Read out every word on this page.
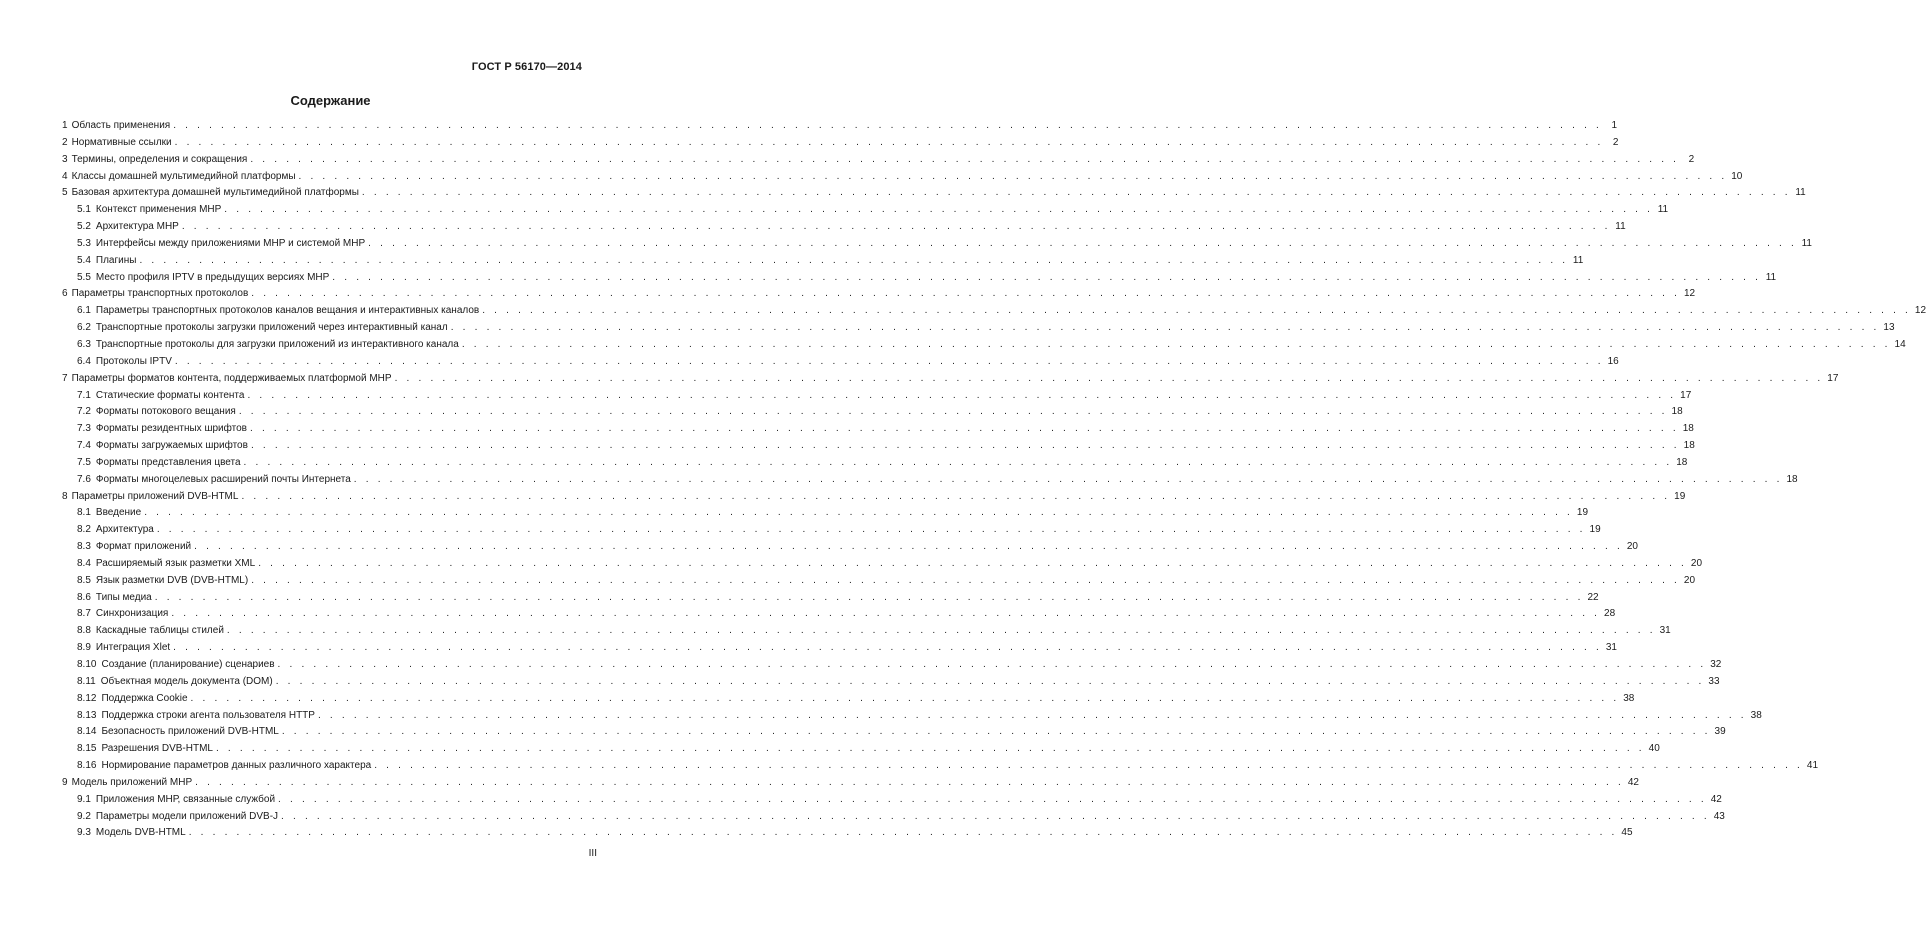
ГОСТ Р 56170—2014
Содержание
1 Область применения . . . . . . . . . . . . . . . . . . . . . . . . . . . . . . . . . . . . . . . . . . . . . . . . . . . . . . . . . . . . . . . . . . . . . . . . . . . . . . . . . . . . . . . . . . . . . . . . . . . . . . . . . . . . . . . . . . . . . . . . 1
2 Нормативные ссылки . . . . . . . . . . . . . . . . . . . . . . . . . . . . . . . . . . . . . . . . . . . . . . . . . . . . . . . . . . . . . . . . . . . . . . . . . . . . . . . . . . . . . . . . . . . . . . . . . . . . . . . . . . . . . . . . . . . . . . . . 2
3 Термины, определения и сокращения . . . . . . . . . . . . . . . . . . . . . . . . . . . . . . . . . . . . . . . . . . . . . . . . . . . . . . . . . . . . . . . . . . . . . . . . . . . . . . . . . . . . . . . . . . . . . . . . . . . . . . . . . . . . . . . . . . . . . . . . 2
4 Классы домашней мультимедийной платформы . . . . . . . . . . . . . . . . . . . . . . . . . . . . . . . . . . . . . . . . . . . . . . . . . . . . . . . . . . . . . . . . . . . . . . . . . . . . . . . . . . . . . . . . . . . . . . . . . . . . . . . . . . . . . . . . . . . . . . . . 10
5 Базовая архитектура домашней мультимедийной платформы . . . . . . . . . . . . . . . . . . . . . . . . . . . . . . . . . . . . . . . . . . . . . . . . . . . . . . . . . . . . . . . . . . . . . . . . . . . . . . . . . . . . . . . . . . . . . . . . . . . . . . . . . . . . . . . . . . . . . . . . 11
5.1 Контекст применения МНР . . . . . . . . . . . . . . . . . . . . . . . . . . . . . . . . . . . . . . . . . . . . . . . . . . . . . . . . . . . . . . . . . . . . . . . . . . . . . . . . . . . . . . . . . . . . . . . . . . . . . . . . . . . . . . . . . . . . . . . . 11
5.2 Архитектура МНР . . . . . . . . . . . . . . . . . . . . . . . . . . . . . . . . . . . . . . . . . . . . . . . . . . . . . . . . . . . . . . . . . . . . . . . . . . . . . . . . . . . . . . . . . . . . . . . . . . . . . . . . . . . . . . . . . . . . . . . . 11
5.3 Интерфейсы между приложениями МНР и системой МНР . . . . . . . . . . . . . . . . . . . . . . . . . . . . . . . . . . . . . . . . . . . . . . . . . . . . . . . . . . . . . . . . . . . . . . . . . . . . . . . . . . . . . . . . . . . . . . . . . . . . . . . . . . . . . . . . . . . . . . . . 11
5.4 Плагины . . . . . . . . . . . . . . . . . . . . . . . . . . . . . . . . . . . . . . . . . . . . . . . . . . . . . . . . . . . . . . . . . . . . . . . . . . . . . . . . . . . . . . . . . . . . . . . . . . . . . . . . . . . . . . . . . . . . . . . . 11
5.5 Место профиля IPTV в предыдущих версиях МНР . . . . . . . . . . . . . . . . . . . . . . . . . . . . . . . . . . . . . . . . . . . . . . . . . . . . . . . . . . . . . . . . . . . . . . . . . . . . . . . . . . . . . . . . . . . . . . . . . . . . . . . . . . . . . . . . . . . . . . . . 11
6 Параметры транспортных протоколов . . . . . . . . . . . . . . . . . . . . . . . . . . . . . . . . . . . . . . . . . . . . . . . . . . . . . . . . . . . . . . . . . . . . . . . . . . . . . . . . . . . . . . . . . . . . . . . . . . . . . . . . . . . . . . . . . . . . . . . . 12
6.1 Параметры транспортных протоколов каналов вещания и интерактивных каналов . . . . . . . . . . . . . . . . . . . . . . . . . . . . . . . . . . . . . . . . . . . . . . . . . . . . . . . . . . . . . . . . . . . . . . . . . . . . . . . . . . . . . . . . . . . . . . . . . . . . . . . . . . . . . . . . . . . . . . . . 12
6.2 Транспортные протоколы загрузки приложений через интерактивный канал . . . . . . . . . . . . . . . . . . . . . . . . . . . . . . . . . . . . . . . . . . . . . . . . . . . . . . . . . . . . . . . . . . . . . . . . . . . . . . . . . . . . . . . . . . . . . . . . . . . . . . . . . . . . . . . . . . . . . . . . 13
6.3 Транспортные протоколы для загрузки приложений из интерактивного канала . . . . . . . . . . . . . . . . . . . . . . . . . . . . . . . . . . . . . . . . . . . . . . . . . . . . . . . . . . . . . . . . . . . . . . . . . . . . . . . . . . . . . . . . . . . . . . . . . . . . . . . . . . . . . . . . . . . . . . . . 14
6.4 Протоколы IPTV . . . . . . . . . . . . . . . . . . . . . . . . . . . . . . . . . . . . . . . . . . . . . . . . . . . . . . . . . . . . . . . . . . . . . . . . . . . . . . . . . . . . . . . . . . . . . . . . . . . . . . . . . . . . . . . . . . . . . . . . 16
7 Параметры форматов контента, поддерживаемых платформой МНР . . . . . . . . . . . . . . . . . . . . . . . . . . . . . . . . . . . . . . . . . . . . . . . . . . . . . . . . . . . . . . . . . . . . . . . . . . . . . . . . . . . . . . . . . . . . . . . . . . . . . . . . . . . . . . . . . . . . . . . . 17
7.1 Статические форматы контента . . . . . . . . . . . . . . . . . . . . . . . . . . . . . . . . . . . . . . . . . . . . . . . . . . . . . . . . . . . . . . . . . . . . . . . . . . . . . . . . . . . . . . . . . . . . . . . . . . . . . . . . . . . . . . . . . . . . . . . . 17
7.2 Форматы потокового вещания . . . . . . . . . . . . . . . . . . . . . . . . . . . . . . . . . . . . . . . . . . . . . . . . . . . . . . . . . . . . . . . . . . . . . . . . . . . . . . . . . . . . . . . . . . . . . . . . . . . . . . . . . . . . . . . . . . . . . . . . 18
7.3 Форматы резидентных шрифтов . . . . . . . . . . . . . . . . . . . . . . . . . . . . . . . . . . . . . . . . . . . . . . . . . . . . . . . . . . . . . . . . . . . . . . . . . . . . . . . . . . . . . . . . . . . . . . . . . . . . . . . . . . . . . . . . . . . . . . . . 18
7.4 Форматы загружаемых шрифтов . . . . . . . . . . . . . . . . . . . . . . . . . . . . . . . . . . . . . . . . . . . . . . . . . . . . . . . . . . . . . . . . . . . . . . . . . . . . . . . . . . . . . . . . . . . . . . . . . . . . . . . . . . . . . . . . . . . . . . . . 18
7.5 Форматы представления цвета . . . . . . . . . . . . . . . . . . . . . . . . . . . . . . . . . . . . . . . . . . . . . . . . . . . . . . . . . . . . . . . . . . . . . . . . . . . . . . . . . . . . . . . . . . . . . . . . . . . . . . . . . . . . . . . . . . . . . . . . 18
7.6 Форматы многоцелевых расширений почты Интернета . . . . . . . . . . . . . . . . . . . . . . . . . . . . . . . . . . . . . . . . . . . . . . . . . . . . . . . . . . . . . . . . . . . . . . . . . . . . . . . . . . . . . . . . . . . . . . . . . . . . . . . . . . . . . . . . . . . . . . . . 18
8 Параметры приложений DVB-HTML . . . . . . . . . . . . . . . . . . . . . . . . . . . . . . . . . . . . . . . . . . . . . . . . . . . . . . . . . . . . . . . . . . . . . . . . . . . . . . . . . . . . . . . . . . . . . . . . . . . . . . . . . . . . . . . . . . . . . . . . 19
8.1 Введение . . . . . . . . . . . . . . . . . . . . . . . . . . . . . . . . . . . . . . . . . . . . . . . . . . . . . . . . . . . . . . . . . . . . . . . . . . . . . . . . . . . . . . . . . . . . . . . . . . . . . . . . . . . . . . . . . . . . . . . . 19
8.2 Архитектура . . . . . . . . . . . . . . . . . . . . . . . . . . . . . . . . . . . . . . . . . . . . . . . . . . . . . . . . . . . . . . . . . . . . . . . . . . . . . . . . . . . . . . . . . . . . . . . . . . . . . . . . . . . . . . . . . . . . . . . . 19
8.3 Формат приложений . . . . . . . . . . . . . . . . . . . . . . . . . . . . . . . . . . . . . . . . . . . . . . . . . . . . . . . . . . . . . . . . . . . . . . . . . . . . . . . . . . . . . . . . . . . . . . . . . . . . . . . . . . . . . . . . . . . . . . . . 20
8.4 Расширяемый язык разметки XML . . . . . . . . . . . . . . . . . . . . . . . . . . . . . . . . . . . . . . . . . . . . . . . . . . . . . . . . . . . . . . . . . . . . . . . . . . . . . . . . . . . . . . . . . . . . . . . . . . . . . . . . . . . . . . . . . . . . . . . . 20
8.5 Язык разметки DVB (DVB-HTML) . . . . . . . . . . . . . . . . . . . . . . . . . . . . . . . . . . . . . . . . . . . . . . . . . . . . . . . . . . . . . . . . . . . . . . . . . . . . . . . . . . . . . . . . . . . . . . . . . . . . . . . . . . . . . . . . . . . . . . . . 20
8.6 Типы медиа . . . . . . . . . . . . . . . . . . . . . . . . . . . . . . . . . . . . . . . . . . . . . . . . . . . . . . . . . . . . . . . . . . . . . . . . . . . . . . . . . . . . . . . . . . . . . . . . . . . . . . . . . . . . . . . . . . . . . . . . 22
8.7 Синхронизация . . . . . . . . . . . . . . . . . . . . . . . . . . . . . . . . . . . . . . . . . . . . . . . . . . . . . . . . . . . . . . . . . . . . . . . . . . . . . . . . . . . . . . . . . . . . . . . . . . . . . . . . . . . . . . . . . . . . . . . . 28
8.8 Каскадные таблицы стилей . . . . . . . . . . . . . . . . . . . . . . . . . . . . . . . . . . . . . . . . . . . . . . . . . . . . . . . . . . . . . . . . . . . . . . . . . . . . . . . . . . . . . . . . . . . . . . . . . . . . . . . . . . . . . . . . . . . . . . . . 31
8.9 Интеграция Xlet . . . . . . . . . . . . . . . . . . . . . . . . . . . . . . . . . . . . . . . . . . . . . . . . . . . . . . . . . . . . . . . . . . . . . . . . . . . . . . . . . . . . . . . . . . . . . . . . . . . . . . . . . . . . . . . . . . . . . . . . 31
8.10 Создание (планирование) сценариев . . . . . . . . . . . . . . . . . . . . . . . . . . . . . . . . . . . . . . . . . . . . . . . . . . . . . . . . . . . . . . . . . . . . . . . . . . . . . . . . . . . . . . . . . . . . . . . . . . . . . . . . . . . . . . . . . . . . . . . . 32
8.11 Объектная модель документа (DOM) . . . . . . . . . . . . . . . . . . . . . . . . . . . . . . . . . . . . . . . . . . . . . . . . . . . . . . . . . . . . . . . . . . . . . . . . . . . . . . . . . . . . . . . . . . . . . . . . . . . . . . . . . . . . . . . . . . . . . . . . 33
8.12 Поддержка Cookie . . . . . . . . . . . . . . . . . . . . . . . . . . . . . . . . . . . . . . . . . . . . . . . . . . . . . . . . . . . . . . . . . . . . . . . . . . . . . . . . . . . . . . . . . . . . . . . . . . . . . . . . . . . . . . . . . . . . . . . . 38
8.13 Поддержка строки агента пользователя HTTP . . . . . . . . . . . . . . . . . . . . . . . . . . . . . . . . . . . . . . . . . . . . . . . . . . . . . . . . . . . . . . . . . . . . . . . . . . . . . . . . . . . . . . . . . . . . . . . . . . . . . . . . . . . . . . . . . . . . . . . . 38
8.14 Безопасность приложений DVB-HTML . . . . . . . . . . . . . . . . . . . . . . . . . . . . . . . . . . . . . . . . . . . . . . . . . . . . . . . . . . . . . . . . . . . . . . . . . . . . . . . . . . . . . . . . . . . . . . . . . . . . . . . . . . . . . . . . . . . . . . . . 39
8.15 Разрешения DVB-HTML . . . . . . . . . . . . . . . . . . . . . . . . . . . . . . . . . . . . . . . . . . . . . . . . . . . . . . . . . . . . . . . . . . . . . . . . . . . . . . . . . . . . . . . . . . . . . . . . . . . . . . . . . . . . . . . . . . . . . . . . 40
8.16 Нормирование параметров данных различного характера . . . . . . . . . . . . . . . . . . . . . . . . . . . . . . . . . . . . . . . . . . . . . . . . . . . . . . . . . . . . . . . . . . . . . . . . . . . . . . . . . . . . . . . . . . . . . . . . . . . . . . . . . . . . . . . . . . . . . . . . 41
9 Модель приложений МНР . . . . . . . . . . . . . . . . . . . . . . . . . . . . . . . . . . . . . . . . . . . . . . . . . . . . . . . . . . . . . . . . . . . . . . . . . . . . . . . . . . . . . . . . . . . . . . . . . . . . . . . . . . . . . . . . . . . . . . . . 42
9.1 Приложения МНР, связанные службой . . . . . . . . . . . . . . . . . . . . . . . . . . . . . . . . . . . . . . . . . . . . . . . . . . . . . . . . . . . . . . . . . . . . . . . . . . . . . . . . . . . . . . . . . . . . . . . . . . . . . . . . . . . . . . . . . . . . . . . . 42
9.2 Параметры модели приложений DVB-J . . . . . . . . . . . . . . . . . . . . . . . . . . . . . . . . . . . . . . . . . . . . . . . . . . . . . . . . . . . . . . . . . . . . . . . . . . . . . . . . . . . . . . . . . . . . . . . . . . . . . . . . . . . . . . . . . . . . . . . . 43
9.3 Модель DVB-HTML . . . . . . . . . . . . . . . . . . . . . . . . . . . . . . . . . . . . . . . . . . . . . . . . . . . . . . . . . . . . . . . . . . . . . . . . . . . . . . . . . . . . . . . . . . . . . . . . . . . . . . . . . . . . . . . . . . . . . . . . 45
III
